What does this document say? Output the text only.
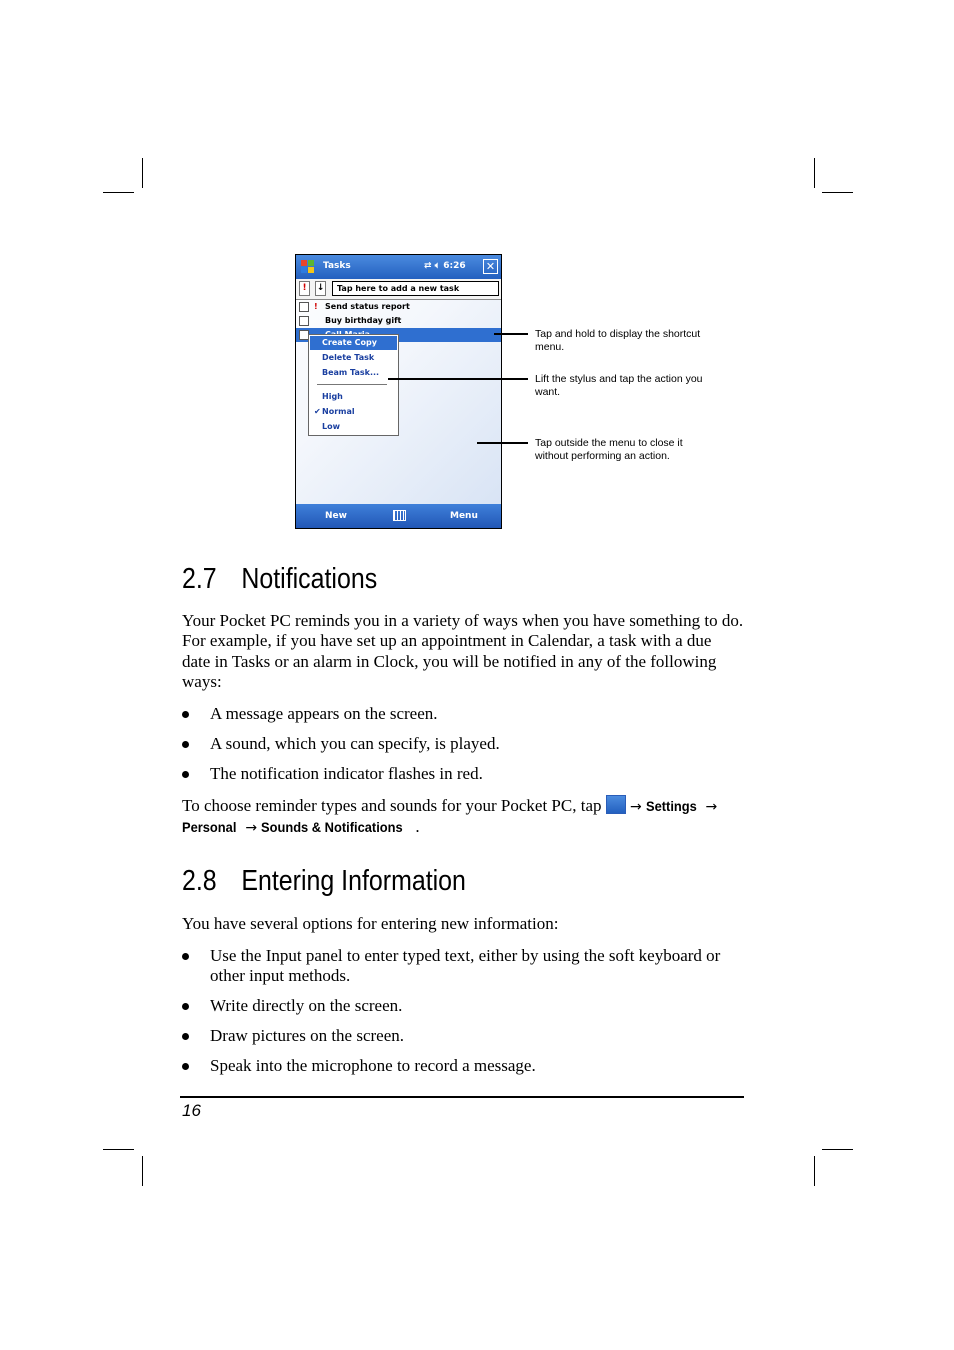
Tasks	⇄ 🔈︎ 6:26 ✕
!	↓	Tap here to add a new task
! Send status report
Buy birthday gift
Create Copy
Delete Task
Beam Task...
High
✔ Normal
Low
New	Menu
Tap and hold to display the shortcut menu.
Lift the stylus and tap the action you want.
Tap outside the menu to close it without performing an action.
2.7 Notifications

Your Pocket PC reminds you in a variety of ways when you have something to do. For example, if you have set up an appointment in Calendar, a task with a due date in Tasks or an alarm in Clock, you will be notified in any of the following ways:

A message appears on the screen.
A sound, which you can specify, is played.
The notification indicator flashes in red.

To choose reminder types and sounds for your Pocket PC, tap → Settings →
Personal → Sounds & Notifications .

2.8 Entering Information

You have several options for entering new information:

Use the Input panel to enter typed text, either by using the soft keyboard or other input methods.
Write directly on the screen.
Draw pictures on the screen.
Speak into the microphone to record a message.
16
